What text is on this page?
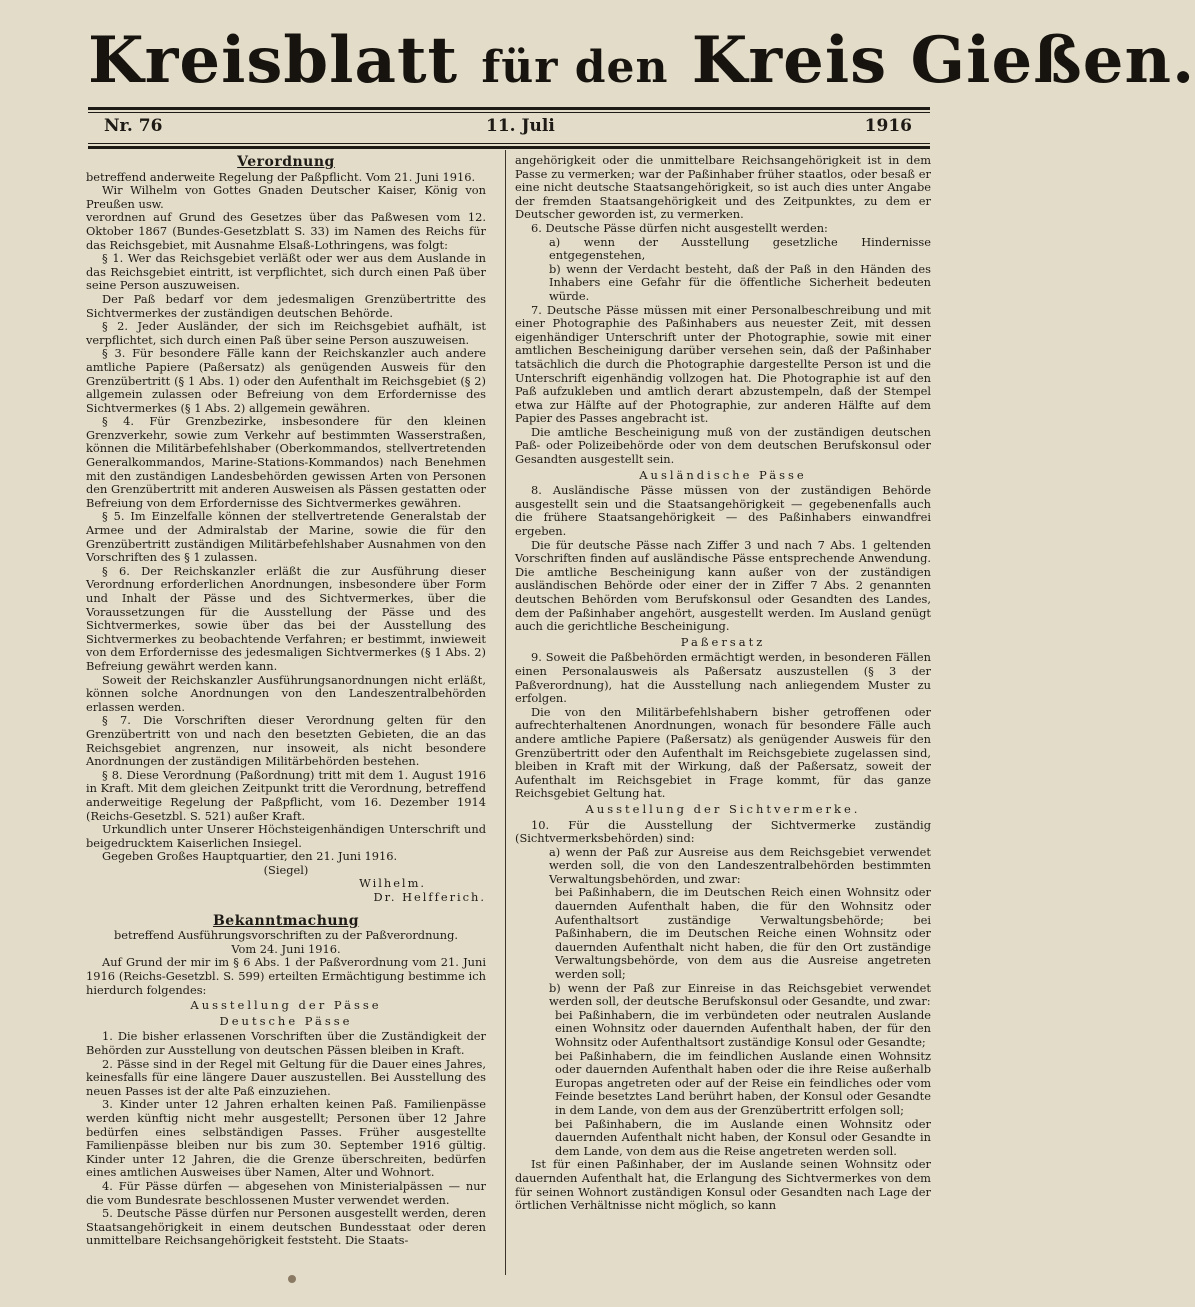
Kreisblatt für den Kreis Gießen.
Nr. 76	11. Juli	1916
Verordnung

betreffend anderweite Regelung der Paßpflicht. Vom 21. Juni 1916.

Wir Wilhelm von Gottes Gnaden Deutscher Kaiser, König von Preußen usw.

verordnen auf Grund des Gesetzes über das Paßwesen vom 12. Oktober 1867 (Bundes-Gesetzblatt S. 33) im Namen des Reichs für das Reichsgebiet, mit Ausnahme Elsaß-Lothringens, was folgt:

§ 1. Wer das Reichsgebiet verläßt oder wer aus dem Auslande in das Reichsgebiet eintritt, ist verpflichtet, sich durch einen Paß über seine Person auszuweisen.

Der Paß bedarf vor dem jedesmaligen Grenzübertritte des Sichtvermerkes der zuständigen deutschen Behörde.

§ 2. Jeder Ausländer, der sich im Reichsgebiet aufhält, ist verpflichtet, sich durch einen Paß über seine Person auszuweisen.

§ 3. Für besondere Fälle kann der Reichskanzler auch andere amtliche Papiere (Paßersatz) als genügenden Ausweis für den Grenzübertritt (§ 1 Abs. 1) oder den Aufenthalt im Reichsgebiet (§ 2) allgemein zulassen oder Befreiung von dem Erfordernisse des Sichtvermerkes (§ 1 Abs. 2) allgemein gewähren.

§ 4. Für Grenzbezirke, insbesondere für den kleinen Grenzverkehr, sowie zum Verkehr auf bestimmten Wasserstraßen, können die Militärbefehlshaber (Oberkommandos, stellvertretenden Generalkommandos, Marine-Stations-Kommandos) nach Benehmen mit den zuständigen Landesbehörden gewissen Arten von Personen den Grenzübertritt mit anderen Ausweisen als Pässen gestatten oder Befreiung von dem Erfordernisse des Sichtvermerkes gewähren.

§ 5. Im Einzelfalle können der stellvertretende Generalstab der Armee und der Admiralstab der Marine, sowie die für den Grenzübertritt zuständigen Militärbefehlshaber Ausnahmen von den Vorschriften des § 1 zulassen.

§ 6. Der Reichskanzler erläßt die zur Ausführung dieser Verordnung erforderlichen Anordnungen, insbesondere über Form und Inhalt der Pässe und des Sichtvermerkes, über die Voraussetzungen für die Ausstellung der Pässe und des Sichtvermerkes, sowie über das bei der Ausstellung des Sichtvermerkes zu beobachtende Verfahren; er bestimmt, inwieweit von dem Erfordernisse des jedesmaligen Sichtvermerkes (§ 1 Abs. 2) Befreiung gewährt werden kann.

Soweit der Reichskanzler Ausführungsanordnungen nicht erläßt, können solche Anordnungen von den Landeszentralbehörden erlassen werden.

§ 7. Die Vorschriften dieser Verordnung gelten für den Grenzübertritt von und nach den besetzten Gebieten, die an das Reichsgebiet angrenzen, nur insoweit, als nicht besondere Anordnungen der zuständigen Militärbehörden bestehen.

§ 8. Diese Verordnung (Paßordnung) tritt mit dem 1. August 1916 in Kraft. Mit dem gleichen Zeitpunkt tritt die Verordnung, betreffend anderweitige Regelung der Paßpflicht, vom 16. Dezember 1914 (Reichs-Gesetzbl. S. 521) außer Kraft.

Urkundlich unter Unserer Höchsteigenhändigen Unterschrift und beigedrucktem Kaiserlichen Insiegel.

Gegeben Großes Hauptquartier, den 21. Juni 1916.

(Siegel)

Wilhelm.

Dr. Helfferich.

Bekanntmachung

betreffend Ausführungsvorschriften zu der Paßverordnung.

Vom 24. Juni 1916.

Auf Grund der mir im § 6 Abs. 1 der Paßverordnung vom 21. Juni 1916 (Reichs-Gesetzbl. S. 599) erteilten Ermächtigung bestimme ich hierdurch folgendes:

Ausstellung der Pässe
Deutsche Pässe

1. Die bisher erlassenen Vorschriften über die Zuständigkeit der Behörden zur Ausstellung von deutschen Pässen bleiben in Kraft.

2. Pässe sind in der Regel mit Geltung für die Dauer eines Jahres, keinesfalls für eine längere Dauer auszustellen. Bei Ausstellung des neuen Passes ist der alte Paß einzuziehen.

3. Kinder unter 12 Jahren erhalten keinen Paß. Familienpässe werden künftig nicht mehr ausgestellt; Personen über 12 Jahre bedürfen eines selbständigen Passes. Früher ausgestellte Familienpässe bleiben nur bis zum 30. September 1916 gültig. Kinder unter 12 Jahren, die die Grenze überschreiten, bedürfen eines amtlichen Ausweises über Namen, Alter und Wohnort.

4. Für Pässe dürfen — abgesehen von Ministerialpässen — nur die vom Bundesrate beschlossenen Muster verwendet werden.

5. Deutsche Pässe dürfen nur Personen ausgestellt werden, deren Staatsangehörigkeit in einem deutschen Bundesstaat oder deren unmittelbare Reichsangehörigkeit feststeht. Die Staats-

angehörigkeit oder die unmittelbare Reichsangehörigkeit ist in dem Passe zu vermerken; war der Paßinhaber früher staatlos, oder besaß er eine nicht deutsche Staatsangehörigkeit, so ist auch dies unter Angabe der fremden Staatsangehörigkeit und des Zeitpunktes, zu dem er Deutscher geworden ist, zu vermerken.

6. Deutsche Pässe dürfen nicht ausgestellt werden:

a) wenn der Ausstellung gesetzliche Hindernisse entgegenstehen,

b) wenn der Verdacht besteht, daß der Paß in den Händen des Inhabers eine Gefahr für die öffentliche Sicherheit bedeuten würde.

7. Deutsche Pässe müssen mit einer Personalbeschreibung und mit einer Photographie des Paßinhabers aus neuester Zeit, mit dessen eigenhändiger Unterschrift unter der Photographie, sowie mit einer amtlichen Bescheinigung darüber versehen sein, daß der Paßinhaber tatsächlich die durch die Photographie dargestellte Person ist und die Unterschrift eigenhändig vollzogen hat. Die Photographie ist auf den Paß aufzukleben und amtlich derart abzustempeln, daß der Stempel etwa zur Hälfte auf der Photographie, zur anderen Hälfte auf dem Papier des Passes angebracht ist.

Die amtliche Bescheinigung muß von der zuständigen deutschen Paß- oder Polizeibehörde oder von dem deutschen Berufskonsul oder Gesandten ausgestellt sein.

Ausländische Pässe

8. Ausländische Pässe müssen von der zuständigen Behörde ausgestellt sein und die Staatsangehörigkeit — gegebenenfalls auch die frühere Staatsangehörigkeit — des Paßinhabers einwandfrei ergeben.

Die für deutsche Pässe nach Ziffer 3 und nach 7 Abs. 1 geltenden Vorschriften finden auf ausländische Pässe entsprechende Anwendung. Die amtliche Bescheinigung kann außer von der zuständigen ausländischen Behörde oder einer der in Ziffer 7 Abs. 2 genannten deutschen Behörden vom Berufskonsul oder Gesandten des Landes, dem der Paßinhaber angehört, ausgestellt werden. Im Ausland genügt auch die gerichtliche Bescheinigung.

Paßersatz

9. Soweit die Paßbehörden ermächtigt werden, in besonderen Fällen einen Personalausweis als Paßersatz auszustellen (§ 3 der Paßverordnung), hat die Ausstellung nach anliegendem Muster zu erfolgen.

Die von den Militärbefehlshabern bisher getroffenen oder aufrechterhaltenen Anordnungen, wonach für besondere Fälle auch andere amtliche Papiere (Paßersatz) als genügender Ausweis für den Grenzübertritt oder den Aufenthalt im Reichsgebiete zugelassen sind, bleiben in Kraft mit der Wirkung, daß der Paßersatz, soweit der Aufenthalt im Reichsgebiet in Frage kommt, für das ganze Reichsgebiet Geltung hat.

Ausstellung der Sichtvermerke.

10. Für die Ausstellung der Sichtvermerke zuständig (Sichtvermerksbehörden) sind:

a) wenn der Paß zur Ausreise aus dem Reichsgebiet verwendet werden soll, die von den Landeszentralbehörden bestimmten Verwaltungsbehörden, und zwar:

bei Paßinhabern, die im Deutschen Reich einen Wohnsitz oder dauernden Aufenthalt haben, die für den Wohnsitz oder Aufenthaltsort zuständige Verwaltungsbehörde; bei Paßinhabern, die im Deutschen Reiche einen Wohnsitz oder dauernden Aufenthalt nicht haben, die für den Ort zuständige Verwaltungsbehörde, von dem aus die Ausreise angetreten werden soll;

b) wenn der Paß zur Einreise in das Reichsgebiet verwendet werden soll, der deutsche Berufskonsul oder Gesandte, und zwar:

bei Paßinhabern, die im verbündeten oder neutralen Auslande einen Wohnsitz oder dauernden Aufenthalt haben, der für den Wohnsitz oder Aufenthaltsort zuständige Konsul oder Gesandte;

bei Paßinhabern, die im feindlichen Auslande einen Wohnsitz oder dauernden Aufenthalt haben oder die ihre Reise außerhalb Europas angetreten oder auf der Reise ein feindliches oder vom Feinde besetztes Land berührt haben, der Konsul oder Gesandte in dem Lande, von dem aus der Grenzübertritt erfolgen soll;

bei Paßinhabern, die im Auslande einen Wohnsitz oder dauernden Aufenthalt nicht haben, der Konsul oder Gesandte in dem Lande, von dem aus die Reise angetreten werden soll.

Ist für einen Paßinhaber, der im Auslande seinen Wohnsitz oder dauernden Aufenthalt hat, die Erlangung des Sichtvermerkes von dem für seinen Wohnort zuständigen Konsul oder Gesandten nach Lage der örtlichen Verhältnisse nicht möglich, so kann
